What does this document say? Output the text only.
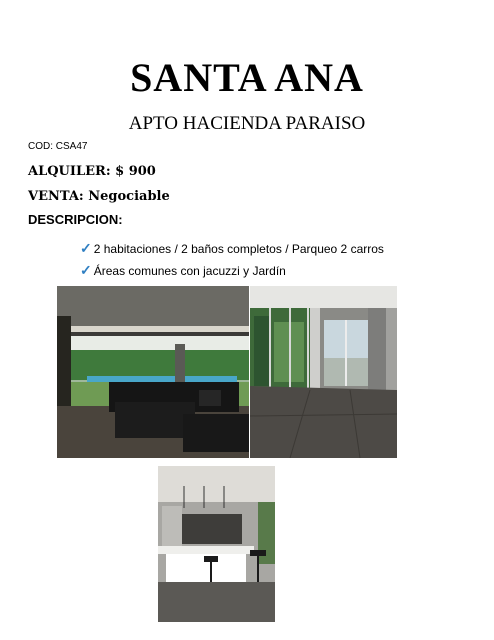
SANTA ANA
APTO HACIENDA PARAISO
COD: CSA47
ALQUILER: $ 900
VENTA: Negociable
DESCRIPCION:
✓ 2 habitaciones / 2 baños completos / Parqueo 2 carros
✓ Áreas comunes con jacuzzi y Jardín
